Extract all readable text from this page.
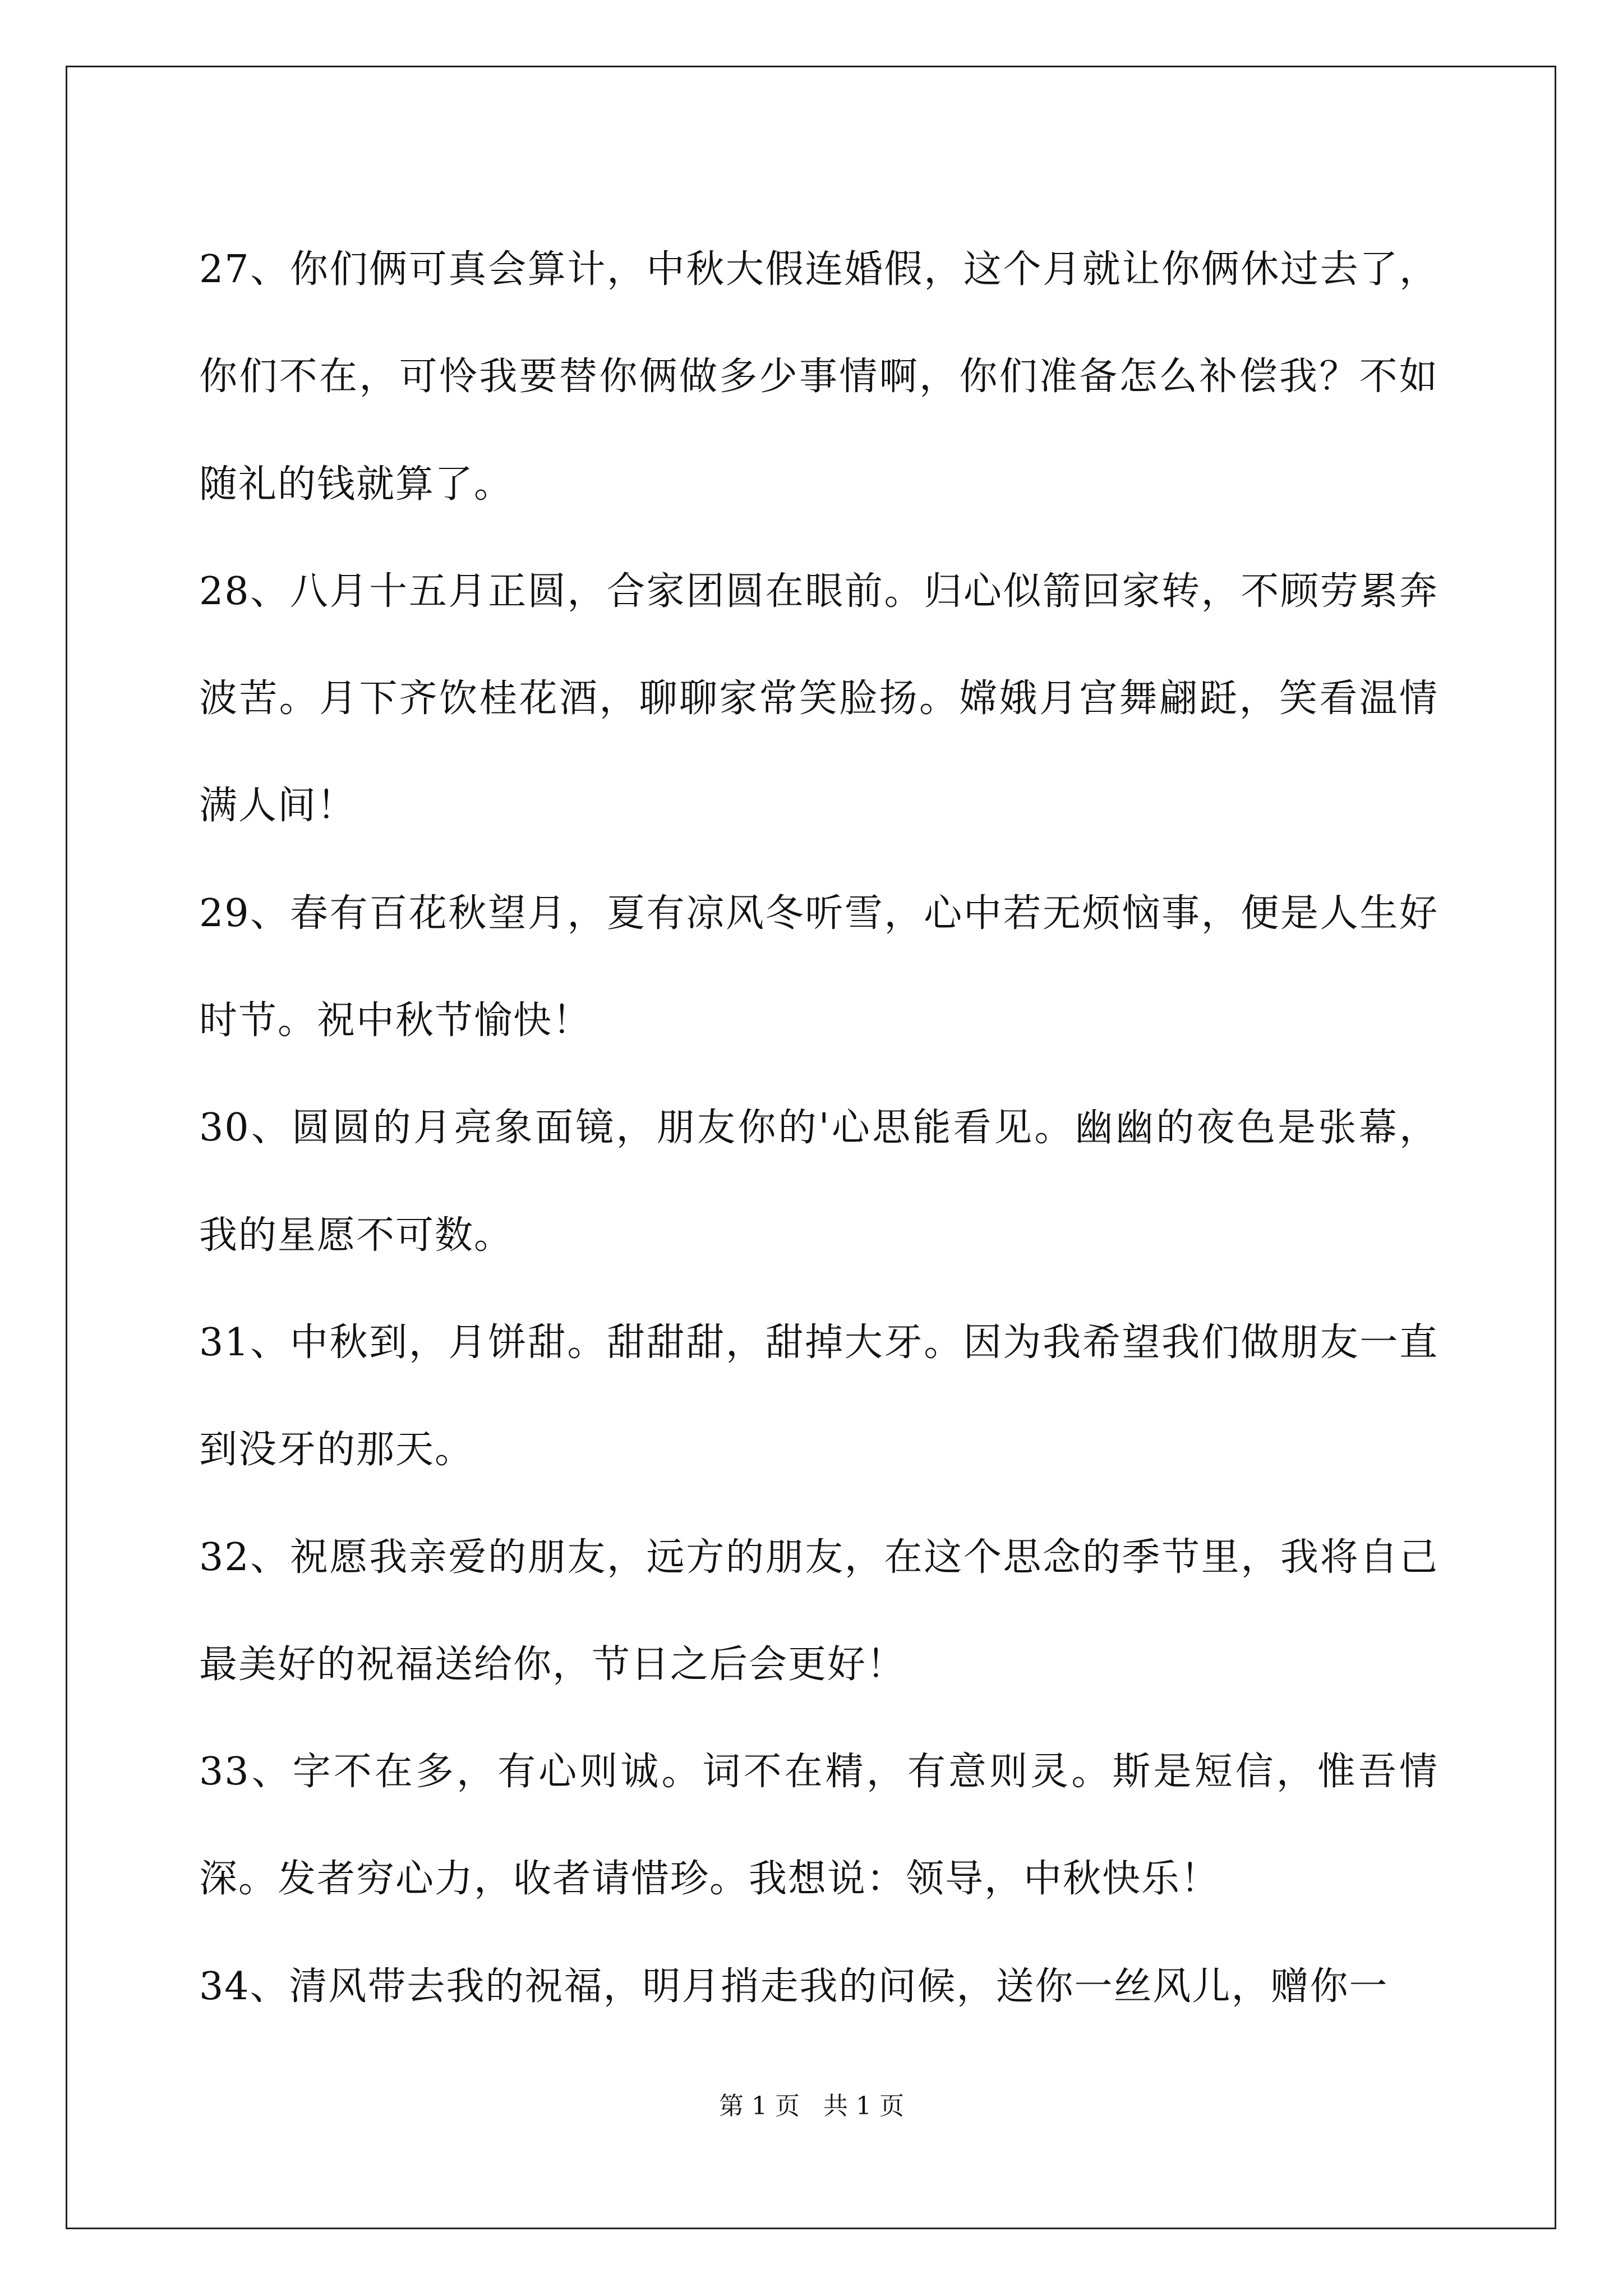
27、你们俩可真会算计，中秋大假连婚假，这个月就让你俩休过去了，你们不在，可怜我要替你俩做多少事情啊，你们准备怎么补偿我？不如随礼的钱就算了。

28、八月十五月正圆，合家团圆在眼前。归心似箭回家转，不顾劳累奔波苦。月下齐饮桂花酒，聊聊家常笑脸扬。嫦娥月宫舞翩跹，笑看温情满人间！

29、春有百花秋望月，夏有凉风冬听雪，心中若无烦恼事，便是人生好时节。祝中秋节愉快！

30、圆圆的月亮象面镜，朋友你的'心思能看见。幽幽的夜色是张幕，我的星愿不可数。

31、中秋到，月饼甜。甜甜甜，甜掉大牙。因为我希望我们做朋友一直到没牙的那天。

32、祝愿我亲爱的朋友，远方的朋友，在这个思念的季节里，我将自己最美好的祝福送给你，节日之后会更好！

33、字不在多，有心则诚。词不在精，有意则灵。斯是短信，惟吾情深。发者穷心力，收者请惜珍。我想说：领导，中秋快乐！

34、清风带去我的祝福，明月捎走我的问候，送你一丝风儿，赠你一

第 1 页   共 1 页
